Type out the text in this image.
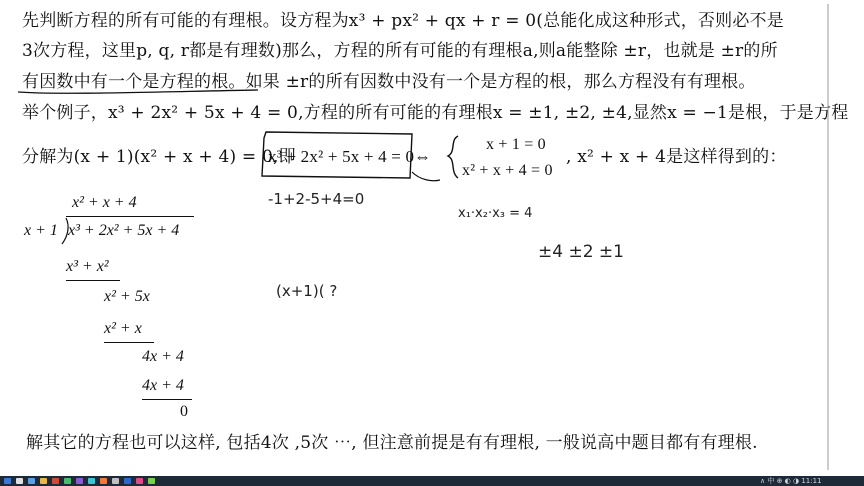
先判断方程的所有可能的有理根。设方程为x³ + px² + qx + r = 0(总能化成这种形式，否则必不是
3次方程，这里p, q, r都是有理数)那么，方程的所有可能的有理根a,则a能整除 ±r，也就是 ±r的所
有因数中有一个是方程的根。如果 ±r的所有因数中没有一个是方程的根，那么方程没有有理根。
举个例子，x³ + 2x² + 5x + 4 = 0,方程的所有可能的有理根x = ±1, ±2, ±4,显然x = −1是根，于是方程
分解为(x + 1)(x² + x + 4) = 0,即
x³ + 2x² + 5x + 4 = 0 ⇔
x + 1 = 0
x² + x + 4 = 0
, x² + x + 4是这样得到的：
x² + x + 4
x + 1 x³ + 2x² + 5x + 4
x³ + x²
x² + 5x
x² + x
4x + 4
4x + 4
0
-1+2-5+4=0
x₁·x₂·x₃ = 4
±4 ±2 ±1
(x+1)( ?
解其它的方程也可以这样, 包括4次 ,5次 ⋯, 但注意前提是有有理根, 一般说高中题目都有有理根.
∧ 中 ⊕ ◐ ◑ 11:11
